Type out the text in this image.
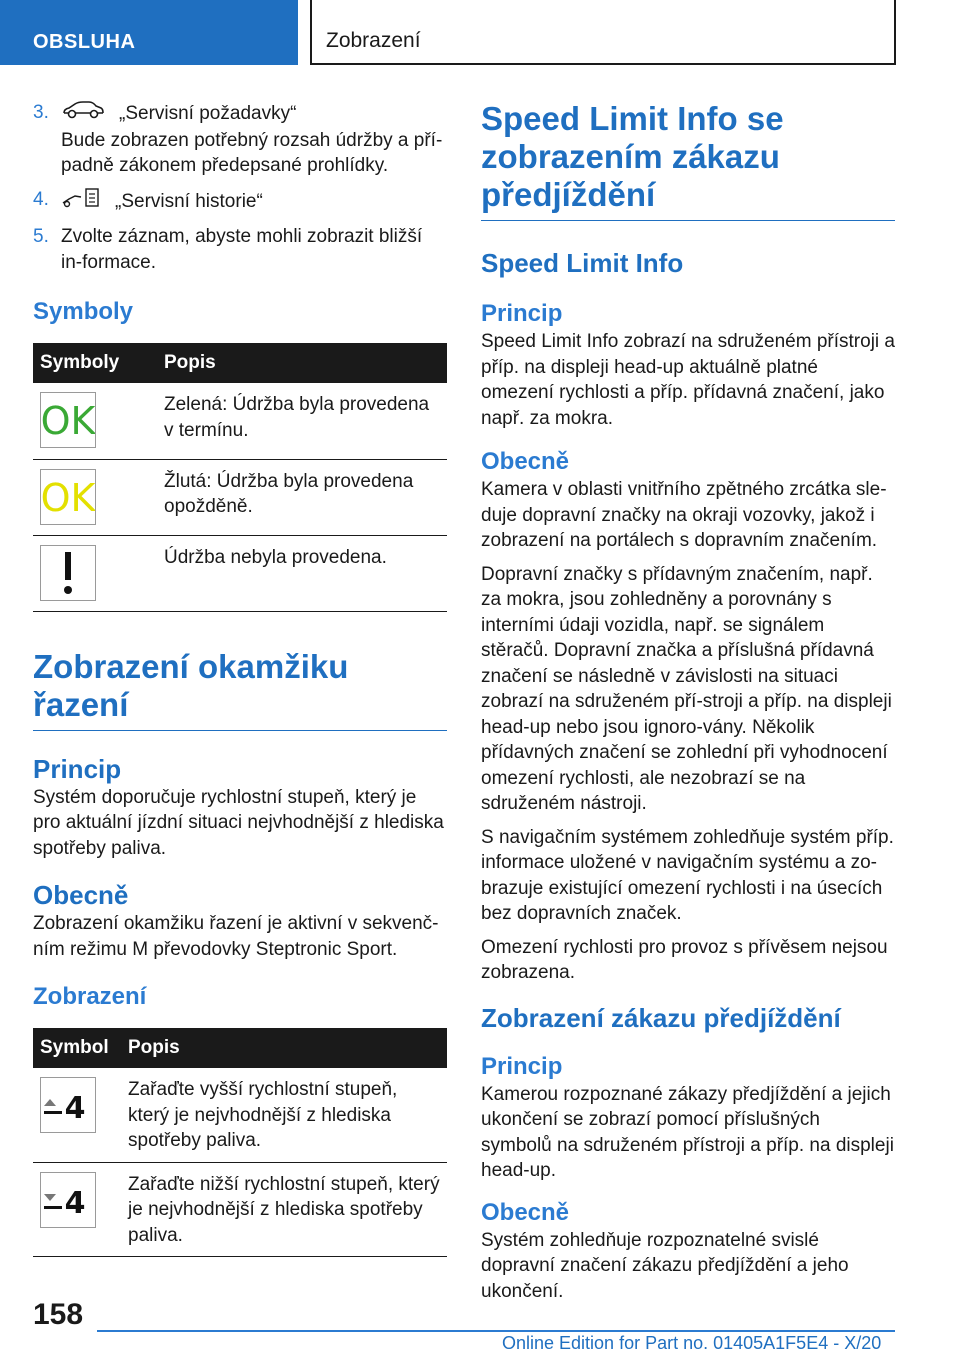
OBSLUHA	Zobrazení
3.	„Servisní požadavky“
Bude zobrazen potřebný rozsah údržby a pří-padně zákonem předepsané prohlídky.
4.	„Servisní historie“
5. Zvolte záznam, abyste mohli zobrazit bližší in-formace.
Symboly
Symboly	Popis

OK	Zelená: Údržba byla provedena v termínu.

OK	Žlutá: Údržba byla provedena opožděně.

	Údržba nebyla provedena.
Zobrazení okamžiku řazení
Princip

Systém doporučuje rychlostní stupeň, který je pro aktuální jízdní situaci nejvhodnější z hlediska spotřeby paliva.

Obecně

Zobrazení okamžiku řazení je aktivní v sekvenč-ním režimu M převodovky Steptronic Sport.

Zobrazení
Symbol	Popis

4	Zařaďte vyšší rychlostní stupeň, který je nejvhodnější z hlediska spotřeby paliva.

4	Zařaďte nižší rychlostní stupeň, který je nejvhodnější z hlediska spotřeby paliva.
Speed Limit Info se zobrazením zákazu předjíždění
Speed Limit Info
Princip

Speed Limit Info zobrazí na sdruženém přístroji a příp. na displeji head-up aktuálně platné omezení rychlosti a příp. přídavná značení, jako např. za mokra.

Obecně

Kamera v oblasti vnitřního zpětného zrcátka sle-duje dopravní značky na okraji vozovky, jakož i zobrazení na portálech s dopravním značením.

Dopravní značky s přídavným značením, např. za mokra, jsou zohledněny a porovnány s interními údaji vozidla, např. se signálem stěračů. Dopravní značka a příslušná přídavná značení se následně v závislosti na situaci zobrazí na sdruženém pří-stroji a příp. na displeji head-up nebo jsou ignoro-vány. Několik přídavných značení se zohlední při vyhodnocení omezení rychlosti, ale nezobrazí se na sdruženém nástroji.

S navigačním systémem zohledňuje systém příp. informace uložené v navigačním systému a zo-brazuje existující omezení rychlosti i na úsecích bez dopravních značek.

Omezení rychlosti pro provoz s přívěsem nejsou zobrazena.

Zobrazení zákazu předjíždění
Princip

Kamerou rozpoznané zákazy předjíždění a jejich ukončení se zobrazí pomocí příslušných symbolů na sdruženém přístroji a příp. na displeji head-up.

Obecně

Systém zohledňuje rozpoznatelné svislé dopravní značení zákazu předjíždění a jeho ukončení.

158
Online Edition for Part no. 01405A1F5E4 - X/20
